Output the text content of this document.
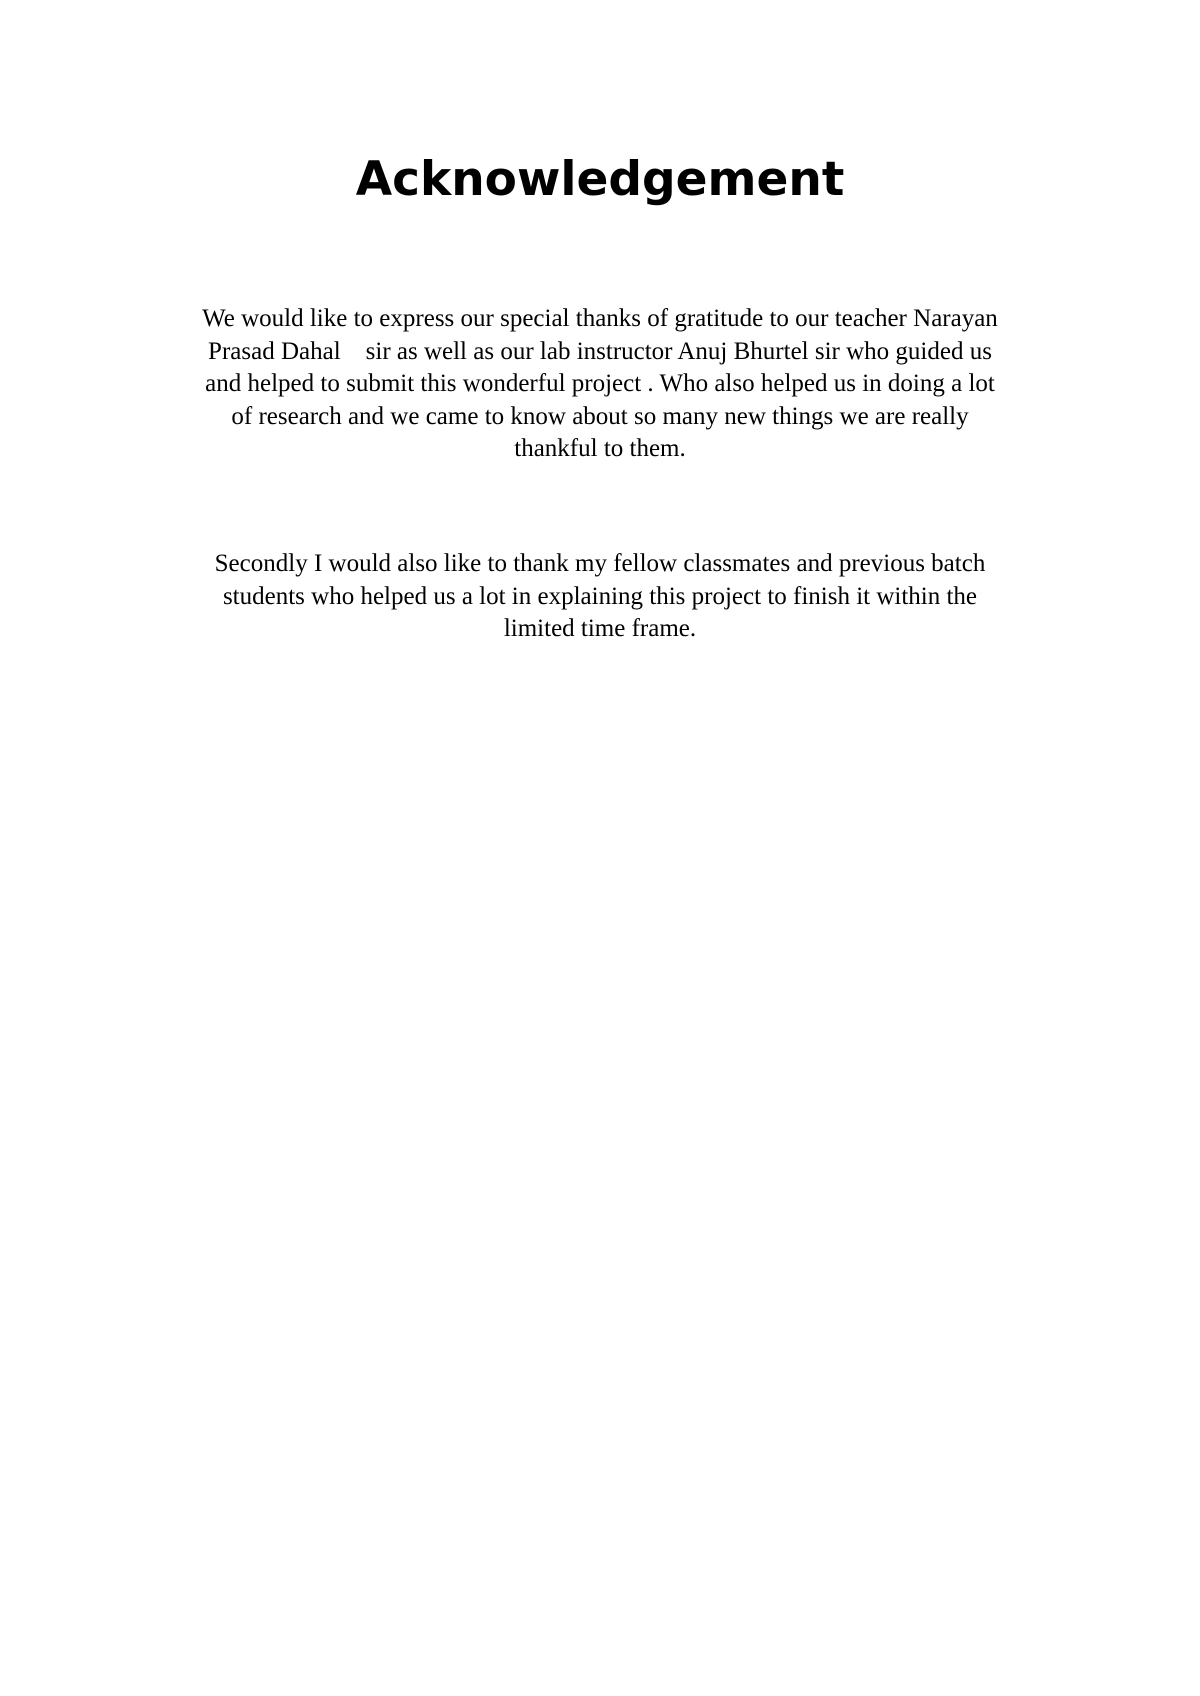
Acknowledgement

We would like to express our special thanks of gratitude to our teacher Narayan
Prasad Dahal    sir as well as our lab instructor Anuj Bhurtel sir who guided us
and helped to submit this wonderful project . Who also helped us in doing a lot
of research and we came to know about so many new things we are really
thankful to them.

Secondly I would also like to thank my fellow classmates and previous batch
students who helped us a lot in explaining this project to finish it within the
limited time frame.
